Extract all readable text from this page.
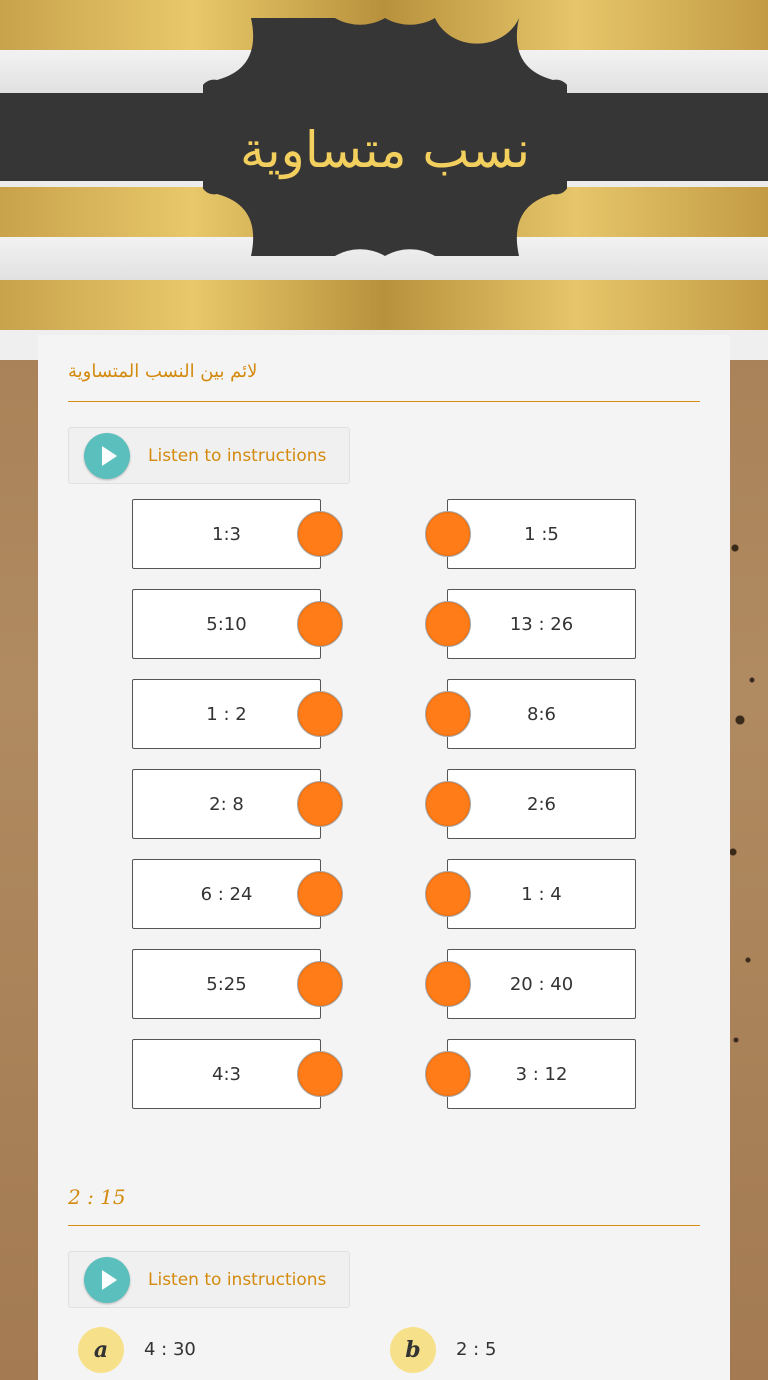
نسب متساوية
لائم بين النسب المتساوية
Listen to instructions
1:3
5:10
1 : 2
2: 8
6 : 24
5:25
4:3
1 :5
13 : 26
8:6
2:6
1 : 4
20 : 40
3 : 12
2 : 15
Listen to instructions
a	4 : 30	b	2 : 5
